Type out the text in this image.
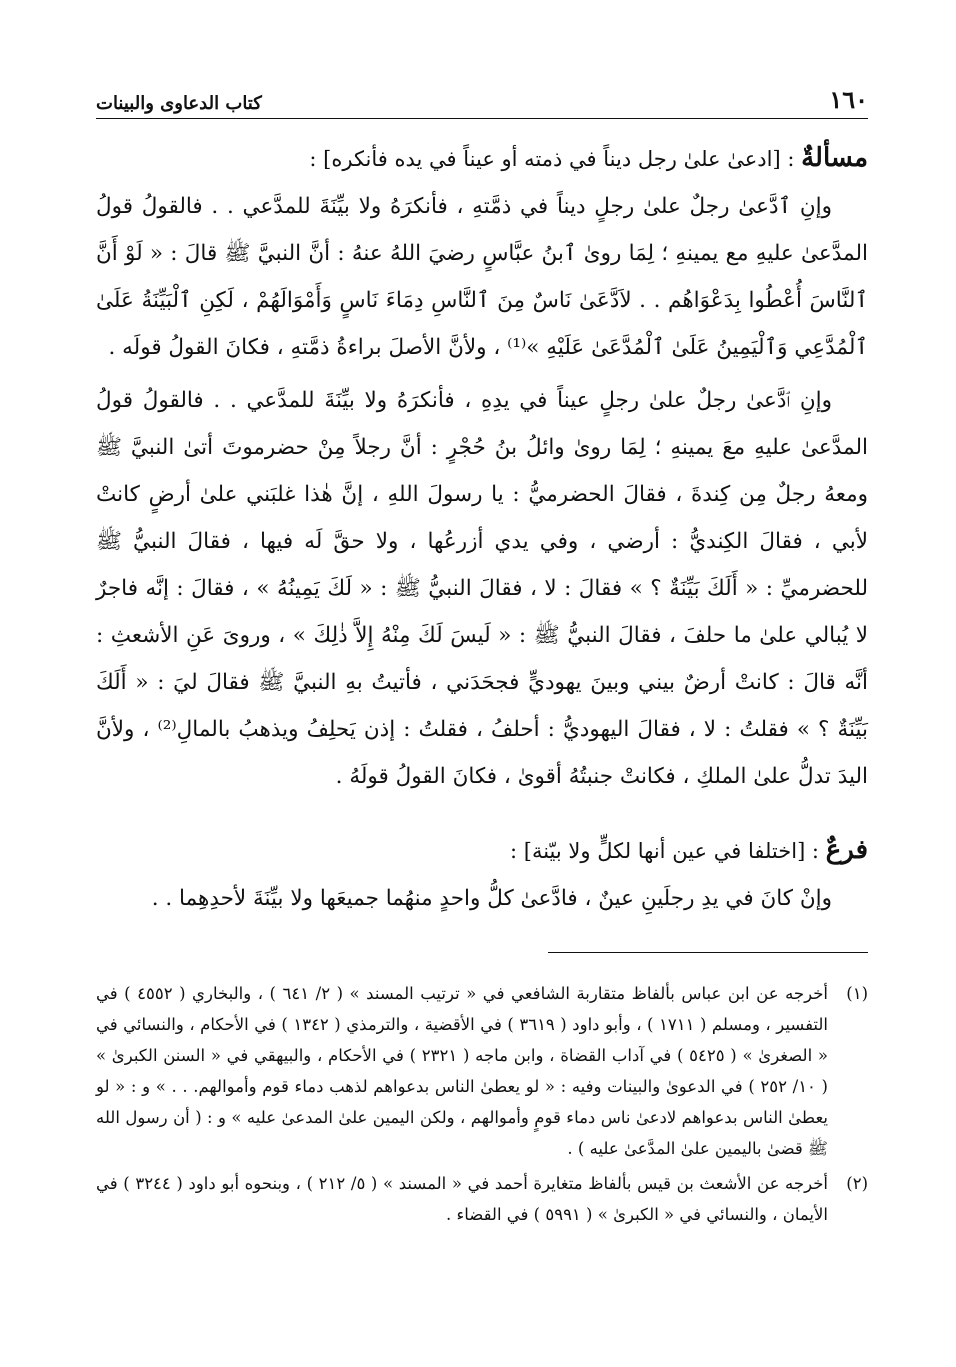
١٦٠
كتاب الدعاوى والبينات

مسألةٌ : [ادعىٰ علىٰ رجل ديناً في ذمته أو عيناً في يده فأنكره] :

وإنِ ٱدَّعىٰ رجلٌ علىٰ رجلٍ ديناً في ذمَّتهِ ، فأنكرَهُ ولا بيِّنَةَ للمدَّعي . . فالقولُ قولُ المدَّعىٰ عليهِ مع يمينهِ ؛ لِمَا روىٰ ٱبنُ عبَّاسٍ رضيَ اللهُ عنهُ : أنَّ النبيَّ ﷺ قالَ : « لَوْ أَنَّ ٱلنَّاسَ أُعْطُوا بِدَعْوَاهُم . . لاَدَّعَىٰ نَاسٌ مِنَ ٱلنَّاسِ دِمَاءَ نَاسٍ وَأَمْوَالَهُمْ ، لَكِنِ ٱلْبَيِّنَةُ عَلَىٰ ٱلْمُدَّعِي وَٱلْيَمِينُ عَلَىٰ ٱلْمُدَّعَىٰ عَلَيْهِ »⁽¹⁾ ، ولأنَّ الأصلَ براءةُ ذمَّتهِ ، فكانَ القولُ قولَه .

وإنِ ٱدَّعىٰ رجلٌ علىٰ رجلٍ عيناً في يدِهِ ، فأنكرَهُ ولا بيِّنَةَ للمدَّعي . . فالقولُ قولُ المدَّعىٰ عليهِ معَ يمينهِ ؛ لِمَا روىٰ وائلُ بنُ حُجْرٍ : أنَّ رجلاً مِنْ حضرموتَ أتىٰ النبيَّ ﷺ ومعهُ رجلٌ مِن كِندةَ ، فقالَ الحضرميُّ : يا رسولَ اللهِ ، إنَّ هٰذا غلبَني علىٰ أرضٍ كانتْ لأبي ، فقالَ الكِنديُّ : أرضي ، وفي يدي أزرعُها ، ولا حقَّ لَه فيها ، فقالَ النبيُّ ﷺ للحضرميِّ : « أَلَكَ بَيِّنَةٌ ؟ » فقالَ : لا ، فقالَ النبيُّ ﷺ : « لَكَ يَمِينُهُ » ، فقالَ : إنَّه فاجرٌ لا يُبالي علىٰ ما حلفَ ، فقالَ النبيُّ ﷺ : « لَيسَ لَكَ مِنْهُ إِلاَّ ذٰلِكَ » ، وروىَ عَنِ الأشعثِ : أنَّه قالَ : كانتْ أرضٌ بيني وبينَ يهوديٍّ فجحَدَني ، فأتيتُ بهِ النبيَّ ﷺ فقالَ ليَ : « أَلَكَ بَيِّنَةٌ ؟ » فقلتُ : لا ، فقالَ اليهوديُّ : أحلفُ ، فقلتُ : إذن يَحلِفُ ويذهبُ بالمالِ⁽²⁾ ، ولأنَّ اليدَ تدلُّ علىٰ الملكِ ، فكانتْ جنبتُهُ أقوىٰ ، فكانَ القولُ قولَهُ .

فرعٌ : [اختلفا في عين أنها لكلٍّ ولا بيّنة] :

وإنْ كانَ في يدِ رجلَينِ عينٌ ، فادَّعىٰ كلُّ واحدٍ منهُما جميعَها ولا بيِّنَةَ لأحدِهِما . .

(١)
أخرجه عن ابن عباس بألفاظ متقاربة الشافعي في « ترتيب المسند » ( ٢/ ٦٤١ ) ، والبخاري ( ٤٥٥٢ ) في التفسير ، ومسلم ( ١٧١١ ) ، وأبو داود ( ٣٦١٩ ) في الأقضية ، والترمذي ( ١٣٤٢ ) في الأحكام ، والنسائي في « الصغرىٰ » ( ٥٤٢٥ ) في آداب القضاة ، وابن ماجه ( ٢٣٢١ ) في الأحكام ، والبيهقي في « السنن الكبرىٰ » ( ١٠/ ٢٥٢ ) في الدعوىٰ والبينات وفيه : « لو يعطىٰ الناس بدعواهم لذهب دماء قوم وأموالهم. . . » و : « لو يعطىٰ الناس بدعواهم لادعىٰ ناس دماء قومٍ وأموالهم ، ولكن اليمين علىٰ المدعىٰ عليه » و : ( أن رسول الله ﷺ قضىٰ باليمين علىٰ المدَّعىٰ عليه ) .
(٢)
أخرجه عن الأشعث بن قيس بألفاظ متغايرة أحمد في « المسند » ( ٥/ ٢١٢ ) ، وبنحوه أبو داود ( ٣٢٤٤ ) في الأيمان ، والنسائي في « الكبرىٰ » ( ٥٩٩١ ) في القضاء .
